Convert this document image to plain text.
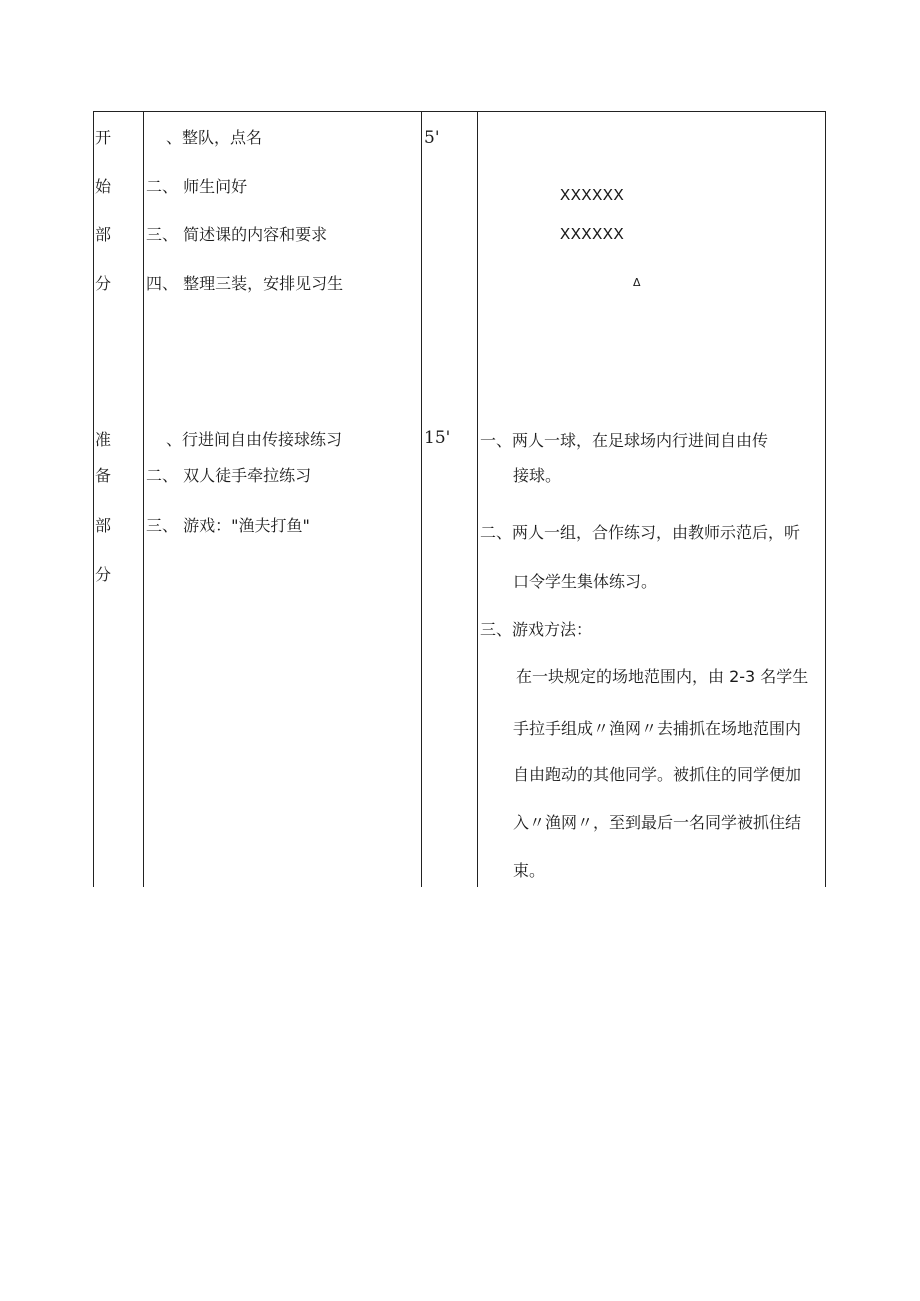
开
始
部
分
、整队，点名
二、 师生问好
三、 简述课的内容和要求
四、 整理三装，安排见习生
5'
XXXXXX
XXXXXX
Δ
准
备
部
分
、行进间自由传接球练习
二、 双人徒手牵拉练习
三、 游戏："渔夫打鱼"
15' 一、两人一球，在足球场内行进间自由传
接球。
二、两人一组，合作练习，由教师示范后，听
口令学生集体练习。
三、游戏方法：
在一块规定的场地范围内，由 2-3 名学生
手拉手组成〃渔网〃去捕抓在场地范围内
自由跑动的其他同学。被抓住的同学便加
入〃渔网〃，至到最后一名同学被抓住结
束。
